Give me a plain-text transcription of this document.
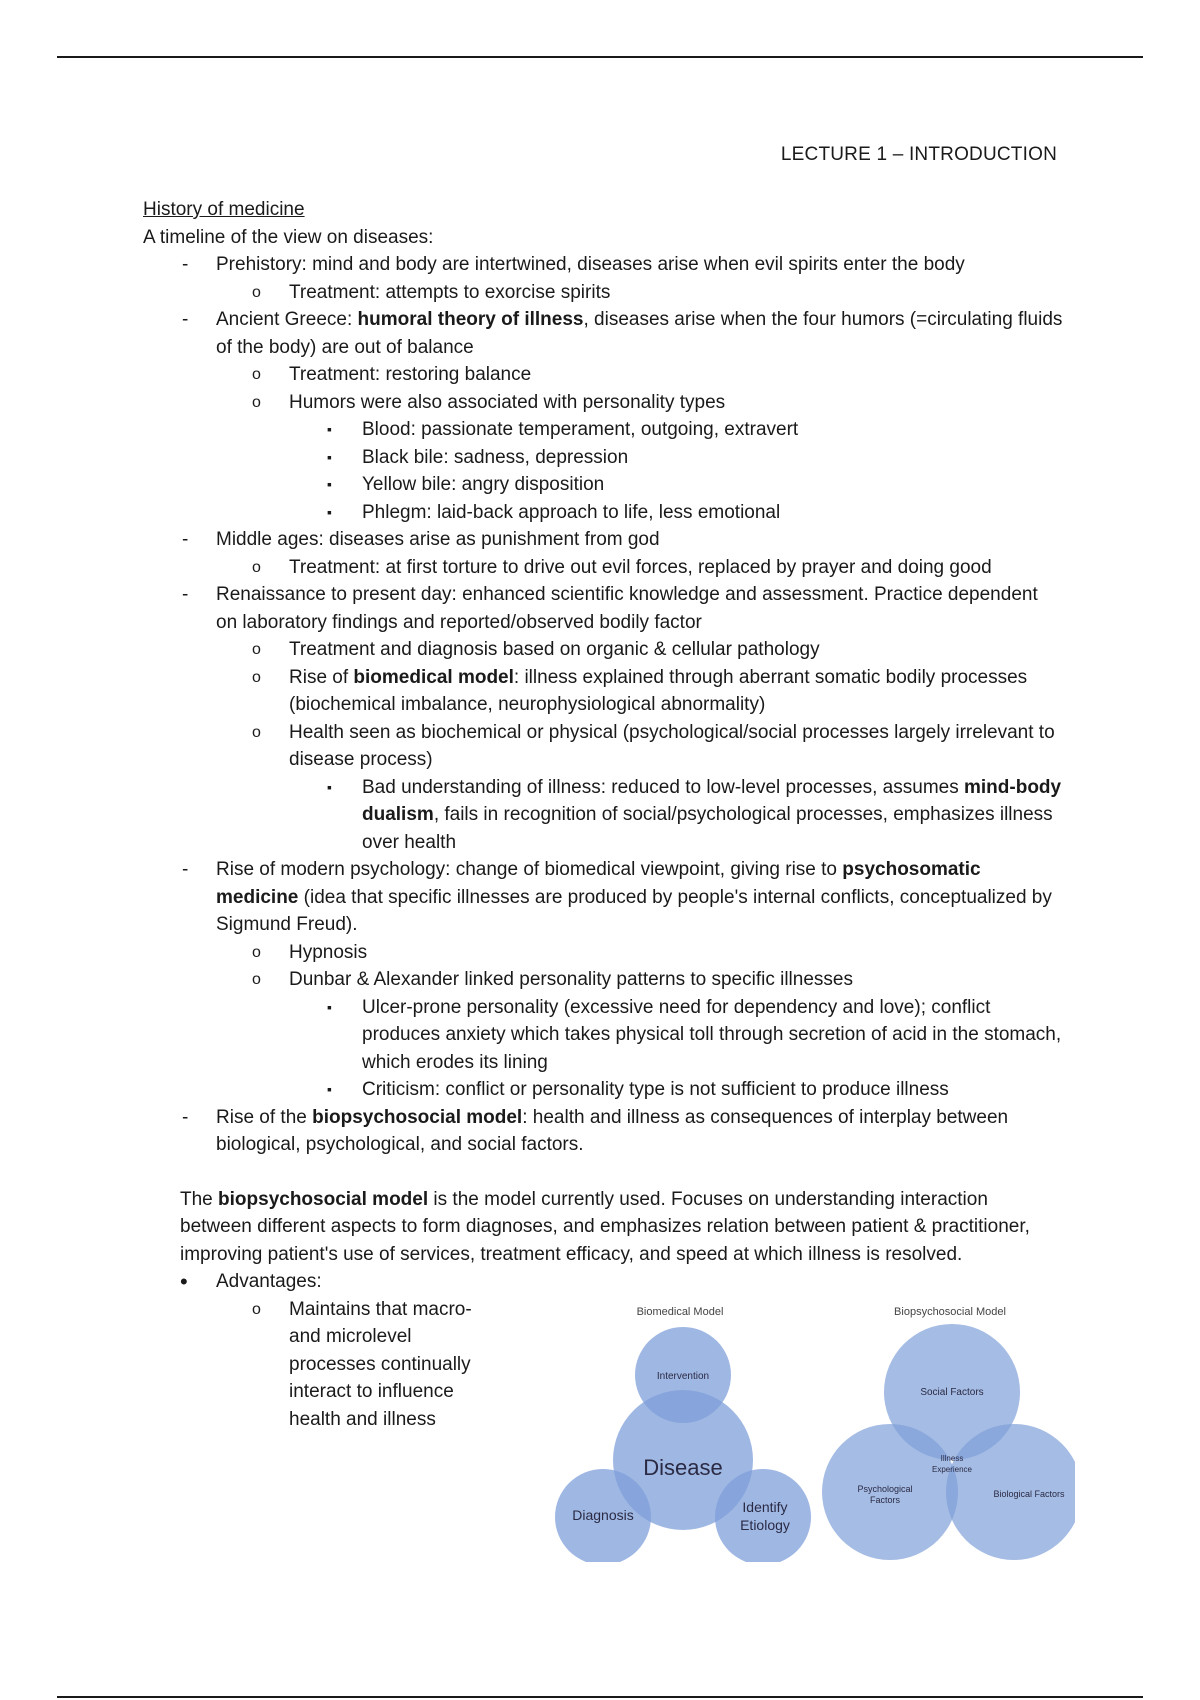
LECTURE 1 – INTRODUCTION
History of medicine
A timeline of the view on diseases:
- Prehistory: mind and body are intertwined, diseases arise when evil spirits enter the body
o Treatment: attempts to exorcise spirits
- Ancient Greece: humoral theory of illness, diseases arise when the four humors (=circulating fluids of the body) are out of balance
o Treatment: restoring balance
o Humors were also associated with personality types
▪ Blood: passionate temperament, outgoing, extravert
▪ Black bile: sadness, depression
▪ Yellow bile: angry disposition
▪ Phlegm: laid-back approach to life, less emotional
- Middle ages: diseases arise as punishment from god
o Treatment: at first torture to drive out evil forces, replaced by prayer and doing good
- Renaissance to present day: enhanced scientific knowledge and assessment. Practice dependent on laboratory findings and reported/observed bodily factor
o Treatment and diagnosis based on organic & cellular pathology
o Rise of biomedical model: illness explained through aberrant somatic bodily processes (biochemical imbalance, neurophysiological abnormality)
o Health seen as biochemical or physical (psychological/social processes largely irrelevant to disease process)
▪ Bad understanding of illness: reduced to low-level processes, assumes mind-body dualism, fails in recognition of social/psychological processes, emphasizes illness over health
- Rise of modern psychology: change of biomedical viewpoint, giving rise to psychosomatic medicine (idea that specific illnesses are produced by people's internal conflicts, conceptualized by Sigmund Freud).
o Hypnosis
o Dunbar & Alexander linked personality patterns to specific illnesses
▪ Ulcer-prone personality (excessive need for dependency and love); conflict produces anxiety which takes physical toll through secretion of acid in the stomach, which erodes its lining
▪ Criticism: conflict or personality type is not sufficient to produce illness
- Rise of the biopsychosocial model: health and illness as consequences of interplay between biological, psychological, and social factors.
The biopsychosocial model is the model currently used. Focuses on understanding interaction between different aspects to form diagnoses, and emphasizes relation between patient & practitioner, improving patient's use of services, treatment efficacy, and speed at which illness is resolved.
• Advantages:
o Maintains that macro- and microlevel processes continually interact to influence health and illness
Biomedical Model
Disease
Intervention
Diagnosis	Identify
Etiology
Biopsychosocial Model
Social Factors
Psychological
Factors
Biological Factors
Illness
Experience
